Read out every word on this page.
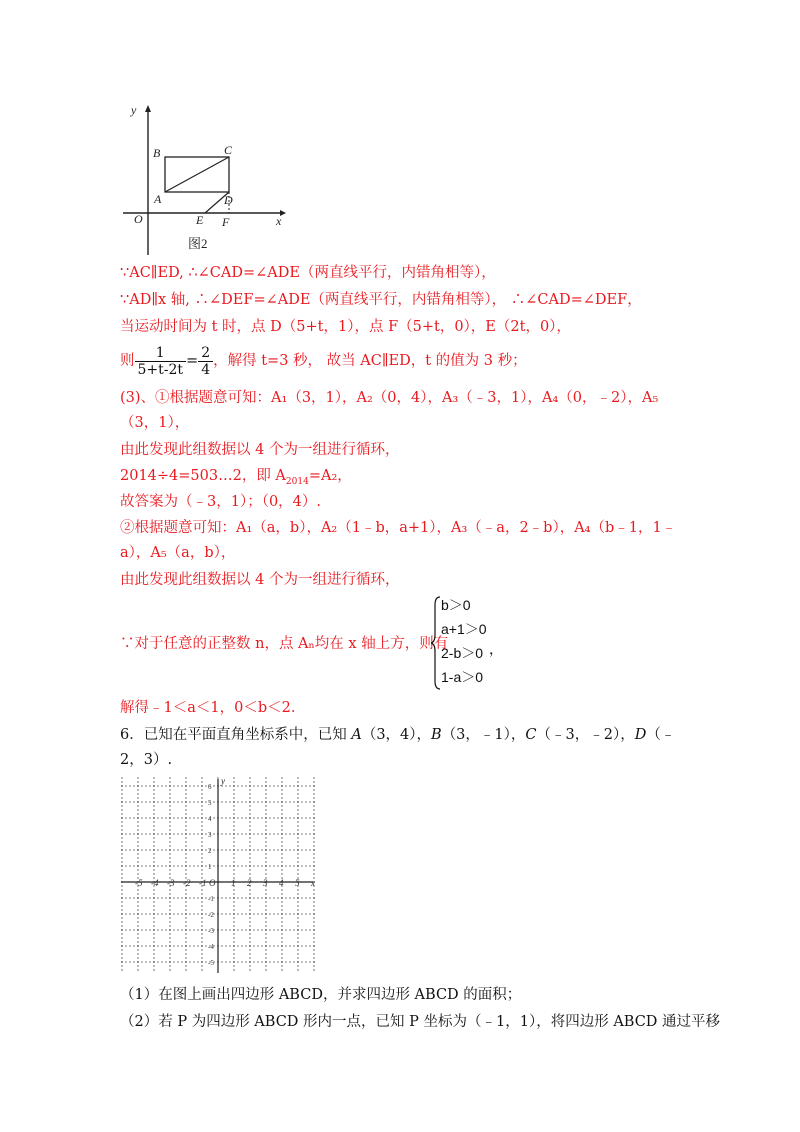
y
x
O
B	C
A	D
E F
图2
∵AC∥ED, ∴∠CAD=∠ADE（两直线平行，内错角相等），
∵AD∥x 轴, ∴∠DEF=∠ADE（两直线平行，内错角相等）， ∴∠CAD=∠DEF，
当运动时间为 t 时，点 D（5+t，1），点 F（5+t，0），E（2t，0），
则 $\frac{1}{5+t-2t} = \frac{2}{4}$ ，解得 t=3 秒， 故当 AC∥ED，t 的值为 3 秒；
(3)、①根据题意可知：A₁（3，1），A₂（0，4），A₃（﹣3，1），A₄（0，﹣2），A₅
（3，1），
由此发现此组数据以 4 个为一组进行循环，
2014÷4=503…2，即 $A_{2014}=A_2$，
故答案为（﹣3，1）；（0，4）.
②根据题意可知：A₁（a，b），A₂（1﹣b，a+1），A₃（﹣a，2﹣b），A₄（b﹣1，1﹣
a），A₅（a，b），
由此发现此组数据以 4 个为一组进行循环，
∵对于任意的正整数 n，点 Aₙ均在 x 轴上方，则有
b＞0
a+1＞0
2-b＞0
1-a＞0
，
解得﹣1＜a＜1，0＜b＜2.
6．已知在平面直角坐标系中，已知 A（3，4），B（3，﹣1），C（﹣3，﹣2），D（﹣
2，3）.
x
y
-5 -4 -3 -2 -1 O 1 2 3 4 5
6
5
4
3
2
1
-1
-2
-3
-4
-5
（1）在图上画出四边形 ABCD，并求四边形 ABCD 的面积；
（2）若 P 为四边形 ABCD 形内一点，已知 P 坐标为（﹣1，1），将四边形 ABCD 通过平移
